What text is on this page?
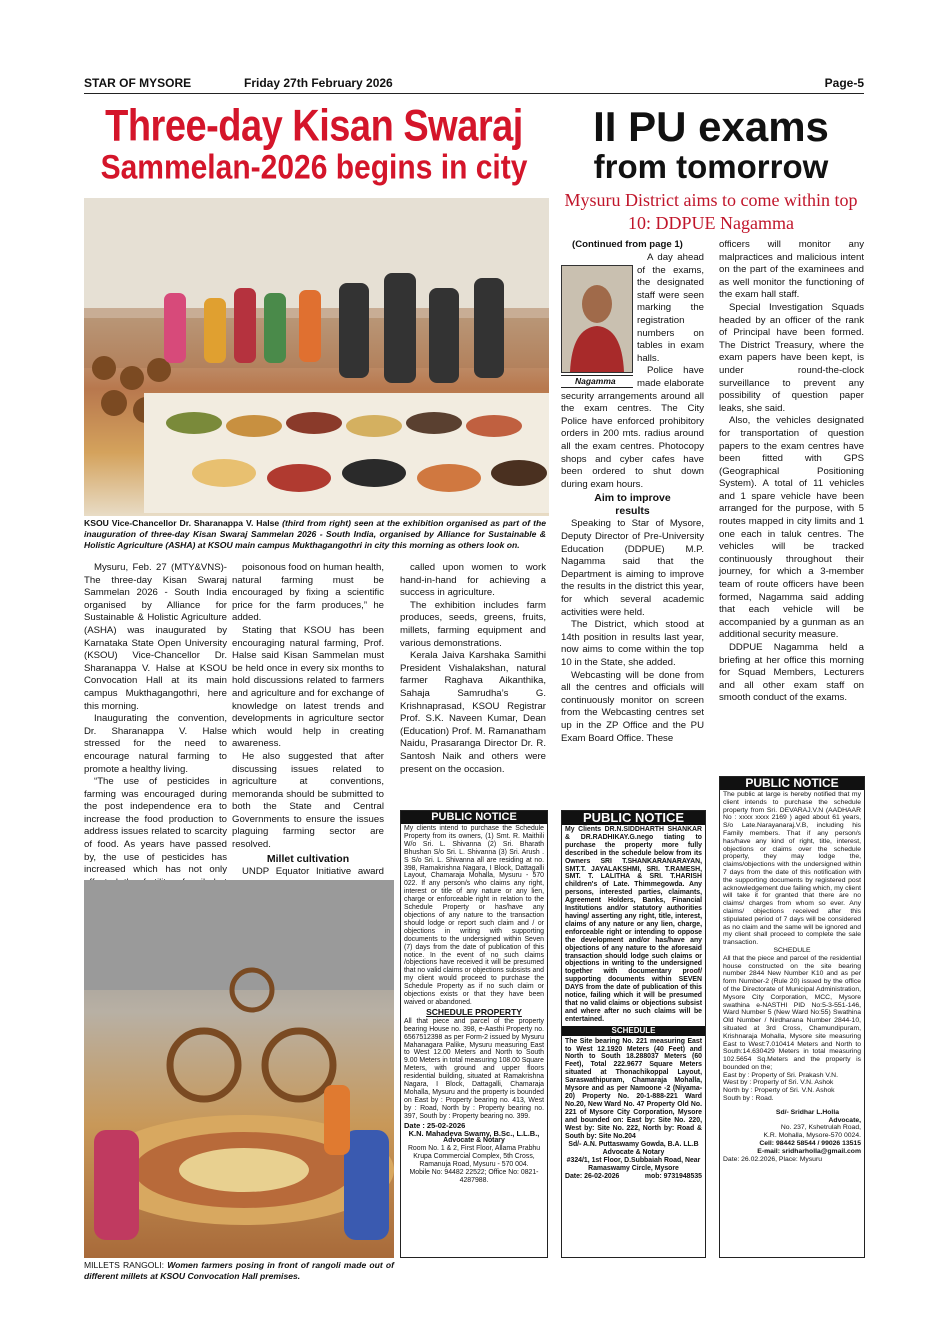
STAR OF MYSORE	Friday 27th February 2026	Page-5
Three-day Kisan Swaraj
Sammelan-2026 begins in city
II PU exams
from tomorrow
Mysuru District aims to come within top 10: DDPUE Nagamma
KSOU Vice-Chancellor Dr. Sharanappa V. Halse (third from right) seen at the exhibition organised as part of the inauguration of three-day Kisan Swaraj Sammelan 2026 - South India, organised by Alliance for Sustainable & Holistic Agriculture (ASHA) at KSOU main campus Mukthagangothri in city this morning as others look on.

Mysuru, Feb. 27 (MTY&VNS)- The three-day Kisan Swaraj Sammelan 2026 - South India organised by Alliance for Sustainable & Holistic Agriculture (ASHA) was inaugurated by Karnataka State Open University (KSOU) Vice-Chancellor Dr. Sharanappa V. Halse at KSOU Convocation Hall at its main campus Mukthagangothri, here this morning.

Inaugurating the convention, Dr. Sharanappa V. Halse stressed for the need to encourage natural farming to promote a healthy living.

“The use of pesticides in farming was encouraged during the post independence era to increase the food production to address issues related to scarcity of food. As years have passed by, the use of pesticides has increased which has not only

poisonous food on human health, natural farming must be encouraged by fixing a scientific price for the farm produces,” he added.

Stating that KSOU has been encouraging natural farming, Prof. Halse said Kisan Sammelan must be held once in every six months to hold discussions related to farmers and agriculture and for exchange of knowledge on latest trends and developments in agriculture sector which would help in creating awareness.

He also suggested that after discussing issues related to agriculture at conventions, memoranda should be submitted to both the State and Central Governments to ensure the issues plaguing farming sector are resolved.

Millet cultivation

UNDP Equator Initiative award

called upon women to work hand-in-hand for achieving a success in agriculture.

The exhibition includes farm produces, seeds, greens, fruits, millets, farming equipment and various demonstrations.

Kerala Jaiva Karshaka Samithi President Vishalakshan, natural farmer Raghava Aikanthika, Sahaja Samrudha’s G. Krishnaprasad, KSOU Registrar Prof. S.K. Naveen Kumar, Dean (Education) Prof. M. Ramanatham Naidu, Prasaranga Director Dr. R. Santosh Naik and others were present on the occasion.

MILLETS RANGOLI: Women farmers posing in front of rangoli made out of different millets at KSOU Convocation Hall premises.
(Continued from page 1)
Nagamma

A day ahead of the exams, the designated staff were seen marking the registration numbers on tables in exam halls.

Police have made elaborate security arrangements around all the exam centres. The City Police have enforced prohibitory orders in 200 mts. radius around all the exam centres. Photocopy shops and cyber cafes have been ordered to shut down during exam hours.

Aim to improve results

Speaking to Star of Mysore, Deputy Director of Pre-University Education (DDPUE) M.P. Nagamma said that the Department is aiming to improve the results in the district this year, for which several academic activities were held.

The District, which stood at 14th position in results last year, now aims to come within the top 10 in the State, she added.

Webcasting will be done from all the centres and officials will continuously monitor on screen from the Webcasting centres set up in the ZP Office and the PU Exam Board Office. These

officers will monitor any malpractices and malicious intent on the part of the examinees and as well monitor the functioning of the exam hall staff.

Special Investigation Squads headed by an officer of the rank of Principal have been formed. The District Treasury, where the exam papers have been kept, is under round-the-clock surveillance to prevent any possibility of question paper leaks, she said.

Also, the vehicles designated for transportation of question papers to the exam centres have been fitted with GPS (Geographical Positioning System). A total of 11 vehicles and 1 spare vehicle have been arranged for the purpose, with 5 routes mapped in city limits and 1 one each in taluk centres. The vehicles will be tracked continuously throughout their journey, for which a 3-member team of route officers have been formed, Nagamma said adding that each vehicle will be accompanied by a gunman as an additional security measure.

DDPUE Nagamma held a briefing at her office this morning for Squad Members, Lecturers and all other exam staff on smooth conduct of the exams.

PUBLIC NOTICE
My clients intend to purchase the Schedule Property from its owners, (1) Smt. R. Maithili W/o Sri. L. Shivanna (2) Sri. Bharath Bhushan S/o Sri. L. Shivanna (3) Sri. Arush . S S/o Sri. L. Shivanna all are residing at no. 398, Ramakrishna Nagara, I Block, Dattagalli Layout, Chamaraja Mohalla, Mysuru - 570 022. If any person/s who claims any right, interest or title of any nature or any lien, charge or enforceable right in relation to the Schedule Property or has/have any objections of any nature to the transaction should lodge or report such claim and / or objections in writing with supporting documents to the undersigned within Seven (7) days from the date of publication of this notice. In the event of no such claims /objections have received it will be presumed that no valid claims or objections subsists and my client would proceed to purchase the Schedule Property as if no such claim or objections exists or that they have been waived or abandoned.
SCHEDULE PROPERTY
All that piece and parcel of the property bearing House no. 398, e-Aasthi Property no. 6567512398 as per Form-2 issued by Mysuru Mahanagara Palike, Mysuru measuring East to West 12.00 Meters and North to South 9.00 Meters in total measuring 108.00 Square Meters, with ground and upper floors residential building, situated at Ramakrishna Nagara, I Block, Dattagalli, Chamaraja Mohalla, Mysuru and the property is bounded on East by : Property bearing no. 413, West by : Road, North by : Property bearing no. 397, South by : Property bearing no. 399.
Date : 25-02-2026
K.N. Mahadeva Swamy, B.Sc., L.L.B.,
Advocate & Notary
Room No. 1 & 2, First Floor, Allama Prabhu Krupa Commercial Complex, 5th Cross, Ramanuja Road, Mysuru - 570 004.
Mobile No: 94482 22522; Office No: 0821- 4287988.
PUBLIC NOTICE
My Clients DR.N.SIDDHARTH SHANKAR & DR.RADHIKAY.G.nego tiating to purchase the property more fully described in the schedule below from its Owners SRI T.SHANKARANARAYAN, SMT.T. JAYALAKSHMI, SRI. T.RAMESH, SMT. T. LALITHA & SRI. T.HARISH children's of Late. Thimmegowda. Any persons, interested parties, claimants, Agreement Holders, Banks, Financial Institutions and/or statutory authorities having/ asserting any right, title, interest, claims of any nature or any lien, charge, enforceable right or intending to oppose the development and/or has/have any objections of any nature to the aforesaid transaction should lodge such claims or objections in writing to the undersigned together with documentary proof/ supporting documents within SEVEN DAYS from the date of publication of this notice, failing which it will be presumed that no valid claims or objections subsist and where after no such claims will be entertained.
SCHEDULE
The Site bearing No. 221 measuring East to West 12.1920 Meters (40 Feet) and North to South 18.288037 Meters (60 Feet), Total 222.9677 Square Meters situated at Thonachikoppal Layout, Saraswathipuram, Chamaraja Mohalla, Mysore and as per Namoone -2 (Niyama-20) Property No. 20-1-888-221 Ward No.20, New Ward No. 47 Property Old No. 221 of Mysore City Corporation, Mysore and bounded on: East by: Site No. 220, West by: Site No. 222, North by: Road & South by: Site No.204
Sd/- A.N. Puttaswamy Gowda, B.A. LL.B
Advocate & Notary
#324/1, 1st Floor, D.Subbaiah Road, Near Ramaswamy Circle, Mysore
Date: 26-02-2026	mob: 9731948535
PUBLIC NOTICE
The public at large is hereby notified that my client intends to purchase the schedule property from Sri. DEVARAJ.V.N (AADHAAR No : xxxx xxxx 2169 ) aged about 61 years, S/o Late.Narayanaraj.V.B, including his Family members. That if any person/s has/have any kind of right, title, interest, objections or claims over the schedule property, they may lodge the, claims/objections with the undersigned within 7 days from the date of this notification with the supporting documents by registered post acknowledgement due failing which, my client will take it for granted that there are no claims/ charges from whom so ever. Any claims/ objections received after this stipulated period of 7 days will be considered as no claim and the same will be ignored and my client shall proceed to complete the sale transaction.
SCHEDULE
All that the piece and parcel of the residential house constructed on the site bearing number 2844 New Number K10 and as per form Number-2 (Rule 20) issued by the office of the Directorate of Municipal Administration, Mysore City Corporation, MCC, Mysore swathina e-NASTHI PID No:5-3-551-146, Ward Number 5 (New Ward No:55) Swathina Old Number / Nirdharana Number 2844-10, situated at 3rd Cross, Chamundipuram, Krishnaraja Mohalla, Mysore site measuring East to West:7.010414 Meters and North to South:14.630429 Meters in total measuring 102.5654 Sq.Meters and the property is bounded on the;
East by : Property of Sri. Prakash V.N.
West by : Property of Sri. V.N. Ashok
North by : Property of Sri. V.N. Ashok
South by : Road.
Sd/- Sridhar L.Holla
Advocate,
No. 237, Kshetrulah Road,
K.R. Mohalla, Mysore-570 0024.
Cell: 98442 58544 / 99026 13515
E-mail: sridharholla@gmail.com
Date: 26.02.2026, Place: Mysuru
